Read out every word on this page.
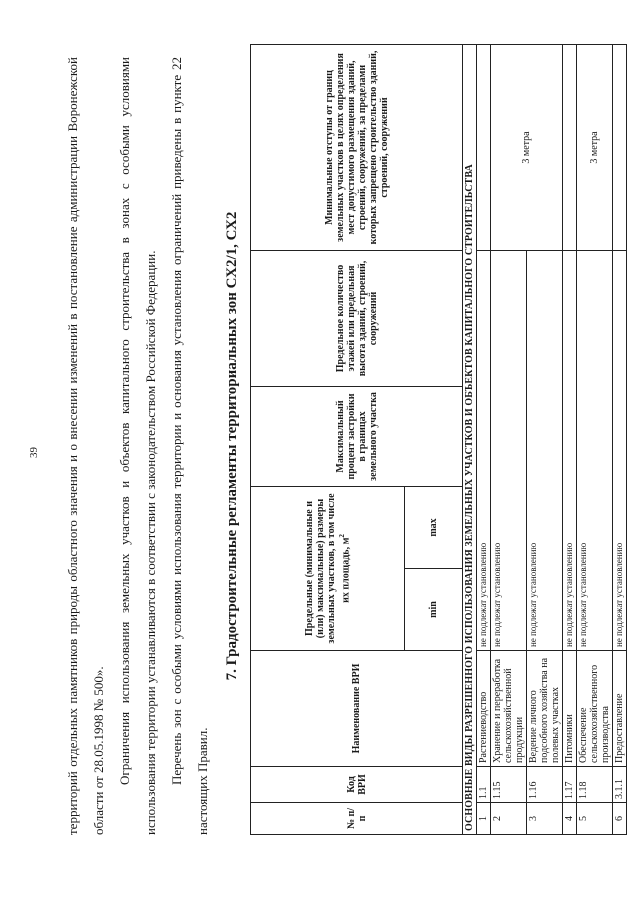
39	территорий отдельных памятников природы областного значения и о внесении изменений в постановление администрации Воронежской области от 28.05.1998 № 500». Ограничения использования земельных участков и объектов капитального строительства в зонах с особыми условиями использования территории устанавливаются в соответствии с законодательством Российской Федерации. Перечень зон с особыми условиями использования территории и основания установления ограничений приведены в пункте 22 настоящих Правил.

7. Градостроительные регламенты территориальных зон СХ2/1, СХ2
№ п/п	Код ВРИ	Наименование ВРИ	Предельные (минимальные и (или) максимальные) размеры земельных участков, в том числе их площадь, $м^2$		Максимальный процент застройки в границах земельного участка	Предельное количество этажей или предельная высота зданий, строений, сооружений	Минимальные отступы от границ земельных участков в целях определения мест допустимого размещения зданий, строений, сооружений, за пределами которых запрещено строительство зданий, строений, сооружений
			min	max			
ОСНОВНЫЕ ВИДЫ РАЗРЕШЕННОГО ИСПОЛЬЗОВАНИЯ ЗЕМЕЛЬНЫХ УЧАСТКОВ И ОБЪЕКТОВ КАПИТАЛЬНОГО СТРОИТЕЛЬСТВА							
1	1.1	Растениеводство	не подлежат установлению				
2	1.15	Хранение и переработка сельскохозяйственной продукции	не подлежат установлению				3 метра
3	1.16	Ведение личного подсобного хозяйства на полевых участках	не подлежат установлению				
4	1.17	Питомники	не подлежат установлению				
5	1.18	Обеспечение сельскохозяйственного производства	не подлежат установлению				3 метра
6	3.1.1	Предоставление	не подлежат установлению				
